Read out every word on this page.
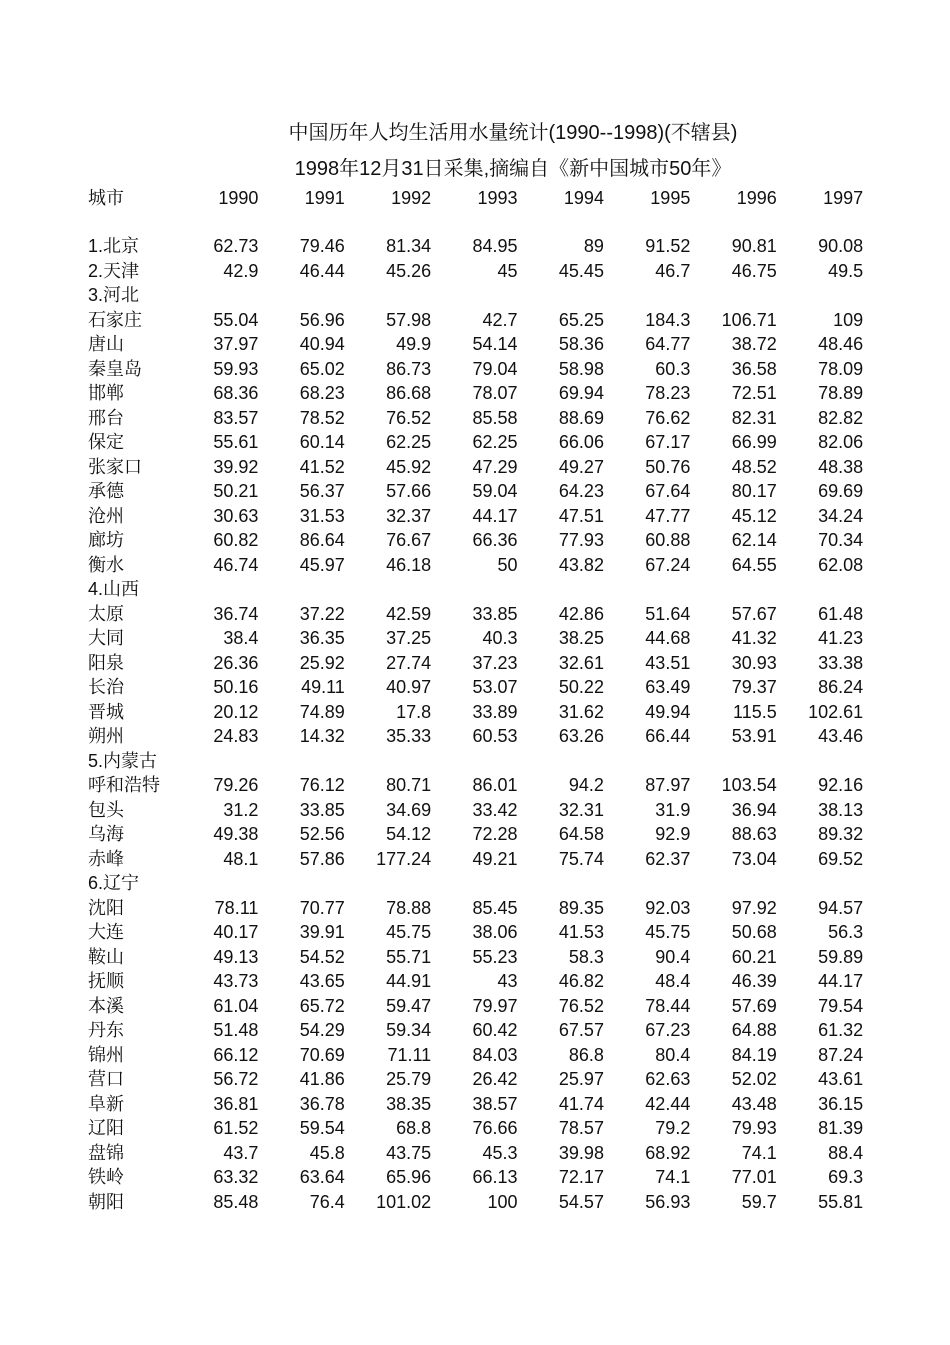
中国历年人均生活用水量统计(1990--1998)(不辖县)
1998年12月31日采集,摘编自《新中国城市50年》
城市	1990	1991	1992	1993	1994	1995	1996	1997

1.北京	62.73	79.46	81.34	84.95	89	91.52	90.81	90.08
2.天津	42.9	46.44	45.26	45	45.45	46.7	46.75	49.5
3.河北								
石家庄	55.04	56.96	57.98	42.7	65.25	184.3	106.71	109
唐山	37.97	40.94	49.9	54.14	58.36	64.77	38.72	48.46
秦皇岛	59.93	65.02	86.73	79.04	58.98	60.3	36.58	78.09
邯郸	68.36	68.23	86.68	78.07	69.94	78.23	72.51	78.89
邢台	83.57	78.52	76.52	85.58	88.69	76.62	82.31	82.82
保定	55.61	60.14	62.25	62.25	66.06	67.17	66.99	82.06
张家口	39.92	41.52	45.92	47.29	49.27	50.76	48.52	48.38
承德	50.21	56.37	57.66	59.04	64.23	67.64	80.17	69.69
沧州	30.63	31.53	32.37	44.17	47.51	47.77	45.12	34.24
廊坊	60.82	86.64	76.67	66.36	77.93	60.88	62.14	70.34
衡水	46.74	45.97	46.18	50	43.82	67.24	64.55	62.08
4.山西								
太原	36.74	37.22	42.59	33.85	42.86	51.64	57.67	61.48
大同	38.4	36.35	37.25	40.3	38.25	44.68	41.32	41.23
阳泉	26.36	25.92	27.74	37.23	32.61	43.51	30.93	33.38
长治	50.16	49.11	40.97	53.07	50.22	63.49	79.37	86.24
晋城	20.12	74.89	17.8	33.89	31.62	49.94	115.5	102.61
朔州	24.83	14.32	35.33	60.53	63.26	66.44	53.91	43.46
5.内蒙古								
呼和浩特	79.26	76.12	80.71	86.01	94.2	87.97	103.54	92.16
包头	31.2	33.85	34.69	33.42	32.31	31.9	36.94	38.13
乌海	49.38	52.56	54.12	72.28	64.58	92.9	88.63	89.32
赤峰	48.1	57.86	177.24	49.21	75.74	62.37	73.04	69.52
6.辽宁								
沈阳	78.11	70.77	78.88	85.45	89.35	92.03	97.92	94.57
大连	40.17	39.91	45.75	38.06	41.53	45.75	50.68	56.3
鞍山	49.13	54.52	55.71	55.23	58.3	90.4	60.21	59.89
抚顺	43.73	43.65	44.91	43	46.82	48.4	46.39	44.17
本溪	61.04	65.72	59.47	79.97	76.52	78.44	57.69	79.54
丹东	51.48	54.29	59.34	60.42	67.57	67.23	64.88	61.32
锦州	66.12	70.69	71.11	84.03	86.8	80.4	84.19	87.24
营口	56.72	41.86	25.79	26.42	25.97	62.63	52.02	43.61
阜新	36.81	36.78	38.35	38.57	41.74	42.44	43.48	36.15
辽阳	61.52	59.54	68.8	76.66	78.57	79.2	79.93	81.39
盘锦	43.7	45.8	43.75	45.3	39.98	68.92	74.1	88.4
铁岭	63.32	63.64	65.96	66.13	72.17	74.1	77.01	69.3
朝阳	85.48	76.4	101.02	100	54.57	56.93	59.7	55.81
